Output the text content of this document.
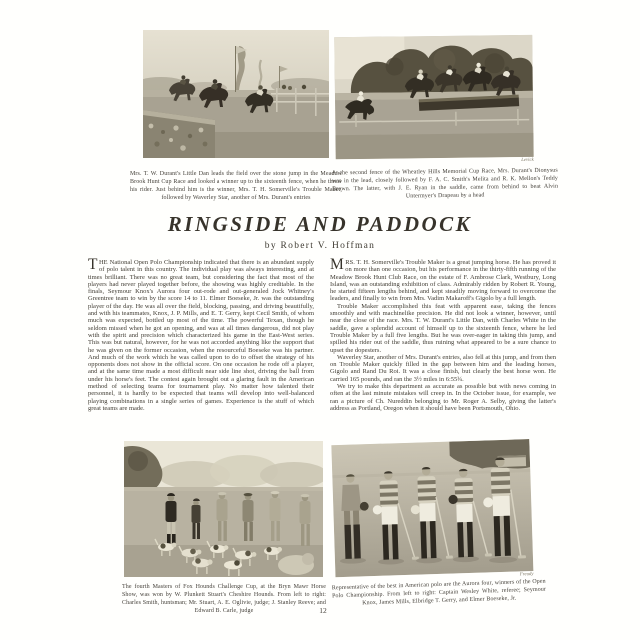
Levick
Mrs. T. W. Durant's Little Dan leads the field over the stone jump in the Meadow Brook Hunt Cup Race and looked a winner up to the sixteenth fence, when he threw his rider. Just behind him is the winner, Mrs. T. H. Somerville's Trouble Maker, followed by Waverley Star, another of Mrs. Durant's entries
At the second fence of the Wheatley Hills Memorial Cup Race, Mrs. Durant's Dionysus was in the lead, closely followed by F. A. C. Smith's Melita and R. K. Mellon's Teddy Brown. The latter, with J. E. Ryan in the saddle, came from behind to beat Alvin Untermyer's Drapeau by a head
RINGSIDE AND PADDOCK
by Robert V. Hoffman

THE National Open Polo Championship indicated that there is an abundant supply of polo talent in this country. The individual play was always interesting, and at times brilliant. There was no great team, but considering the fact that most of the players had never played together before, the showing was highly creditable. In the finals, Seymour Knox's Aurora four out-rode and out-generaled Jock Whitney's Greentree team to win by the score 14 to 11. Elmer Boeseke, Jr. was the outstanding player of the day. He was all over the field, blocking, passing, and driving beautifully, and with his teammates, Knox, J. P. Mills, and E. T. Gerry, kept Cecil Smith, of whom much was expected, bottled up most of the time. The powerful Texan, though he seldom missed when he got an opening, and was at all times dangerous, did not play with the spirit and precision which characterized his game in the East-West series. This was but natural, however, for he was not accorded anything like the support that he was given on the former occasion, when the resourceful Boeseke was his partner. And much of the work which he was called upon to do to offset the strategy of his opponents does not show in the official score. On one occasion he rode off a player, and at the same time made a most difficult near side line shot, driving the ball from under his horse's feet. The contest again brought out a glaring fault in the American method of selecting teams for tournament play. No matter how talented their personnel, it is hardly to be expected that teams will develop into well-balanced playing combinations in a single series of games. Experience is the stuff of which great teams are made.

MRS. T. H. Somerville's Trouble Maker is a great jumping horse. He has proved it on more than one occasion, but his performance in the thirty-fifth running of the Meadow Brook Hunt Club Race, on the estate of F. Ambrose Clark, Westbury, Long Island, was an outstanding exhibition of class. Admirably ridden by Robert R. Young, he started fifteen lengths behind, and kept steadily moving forward to overcome the leaders, and finally to win from Mrs. Vadim Makaroff's Gigolo by a full length.

Trouble Maker accomplished this feat with apparent ease, taking the fences smoothly and with machinelike precision. He did not look a winner, however, until near the close of the race. Mrs. T. W. Durant's Little Dan, with Charles White in the saddle, gave a splendid account of himself up to the sixteenth fence, where he led Trouble Maker by a full five lengths. But he was over-eager in taking this jump, and spilled his rider out of the saddle, thus ruining what appeared to be a sure chance to upset the dopesters.

Waverley Star, another of Mrs. Durant's entries, also fell at this jump, and from then on Trouble Maker quickly filled in the gap between him and the leading horses, Gigolo and Rand Du Roi. It was a close finish, but clearly the best horse won. He carried 165 pounds, and ran the 3½ miles in 6:55¾.

We try to make this department as accurate as possible but with news coming in often at the last minute mistakes will creep in. In the October issue, for example, we ran a picture of Ch. Nureddin belonging to Mr. Roger A. Selby, giving the latter's address as Portland, Oregon when it should have been Portsmouth, Ohio.

Freudy
Representative of the best in American polo are the Aurora four, winners of the Open Polo Championship. From left to right: Captain Wesley White, referee; Seymour Knox, James Mills, Elbridge T. Gerry, and Elmer Boeseke, Jr.
The fourth Masters of Fox Hounds Challenge Cup, at the Bryn Mawr Horse Show, was won by W. Plunkett Stuart's Cheshire Hounds. From left to right: Charles Smith, huntsman; Mr. Stuart, A. E. Oglivie, judge; J. Stanley Reeve; and Edward B. Carle, judge	12
